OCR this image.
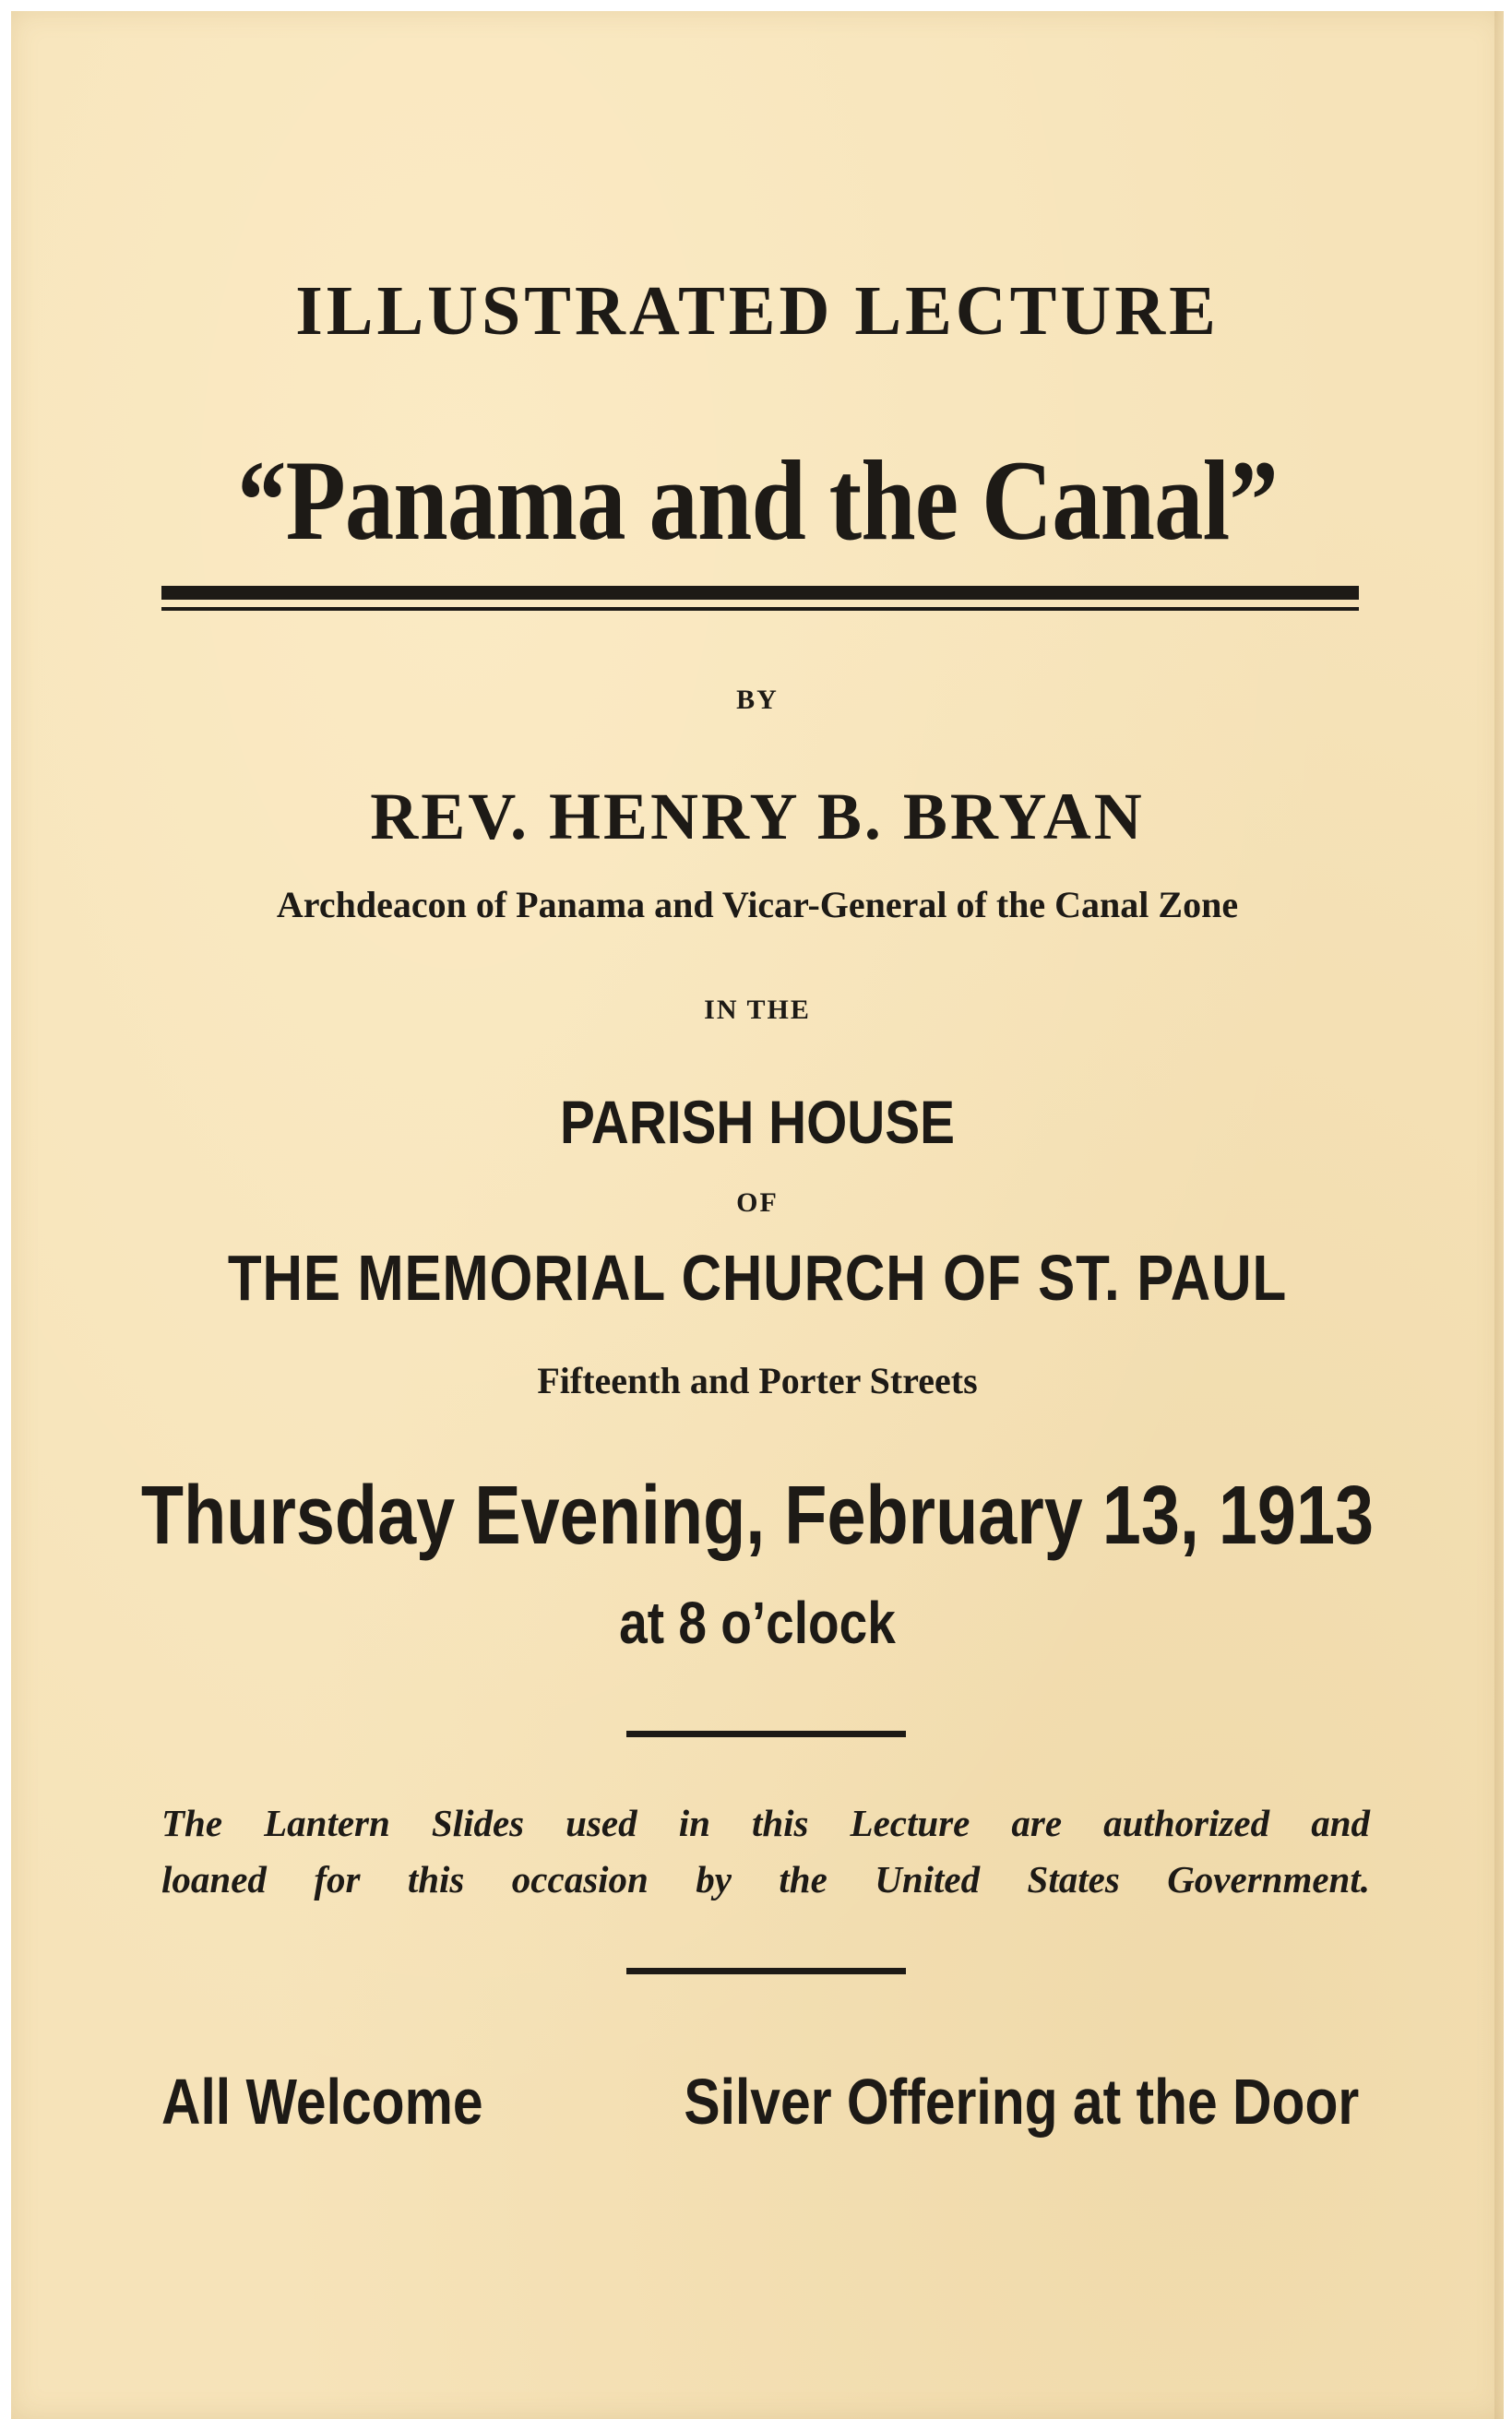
ILLUSTRATED LECTURE
“Panama and the Canal”
BY
REV. HENRY B. BRYAN
Archdeacon of Panama and Vicar-General of the Canal Zone
IN THE
PARISH HOUSE
OF
THE MEMORIAL CHURCH OF ST. PAUL
Fifteenth and Porter Streets
Thursday Evening, February 13, 1913
at 8 o’clock
The Lantern Slides used in this Lecture are authorized and
loaned for this occasion by the United States Government.
All Welcome	Silver Offering at the Door
